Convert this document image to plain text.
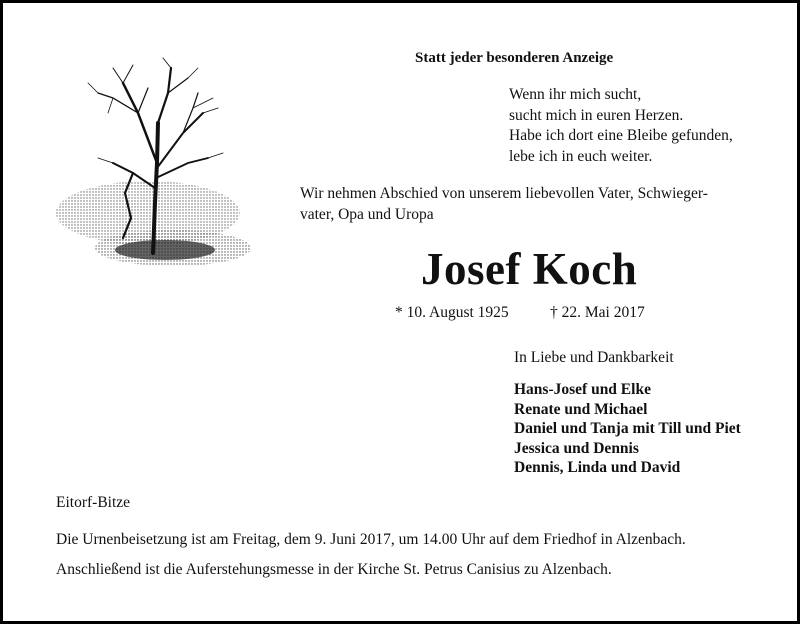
Statt jeder besonderen Anzeige
Wenn ihr mich sucht,
sucht mich in euren Herzen.
Habe ich dort eine Bleibe gefunden,
lebe ich in euch weiter.
Wir nehmen Abschied von unserem liebevollen Vater, Schwieger-
vater, Opa und Uropa
Josef Koch
* 10. August 1925	† 22. Mai 2017
In Liebe und Dankbarkeit
Hans-Josef und Elke
Renate und Michael
Daniel und Tanja mit Till und Piet
Jessica und Dennis
Dennis, Linda und David
Eitorf-Bitze
Die Urnenbeisetzung ist am Freitag, dem 9. Juni 2017, um 14.00 Uhr auf dem Friedhof in Alzenbach.
Anschließend ist die Auferstehungsmesse in der Kirche St. Petrus Canisius zu Alzenbach.
